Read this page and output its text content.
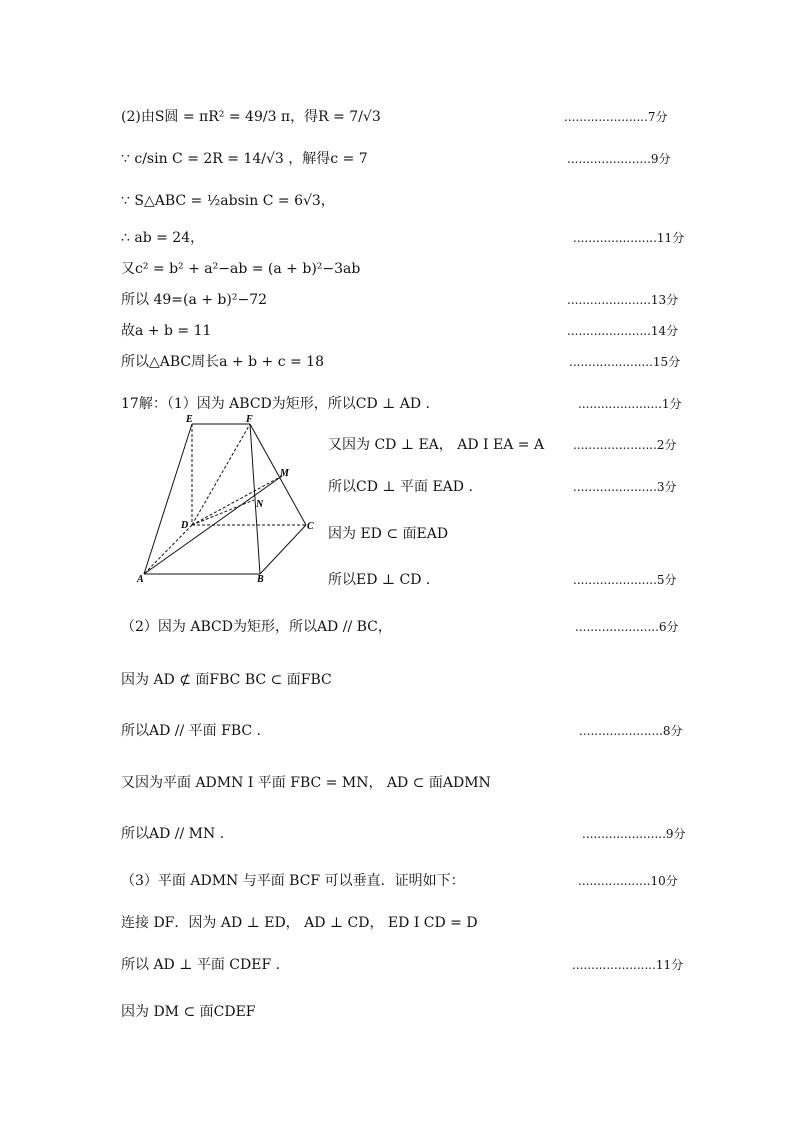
(2)由S圆 = πR² = 49/3 π，得R = 7/√3	......................7分
∵ c/sin C = 2R = 14/√3 ，解得c = 7	......................9分
∵ S△ABC = ½absin C = 6√3，
∴ ab = 24，	......................11分
又c² = b² + a²−ab = (a + b)²−3ab
所以 49=(a + b)²−72	......................13分
故a + b = 11	......................14分
所以△ABC周长a + b + c = 18	......................15分
17解：（1）因为 ABCD为矩形，所以CD ⊥ AD .	......................1分
E	F
M
N
D	C
A	B
又因为 CD ⊥ EA， AD I EA = A ......................2分
所以CD ⊥ 平面 EAD .	......................3分
因为 ED ⊂ 面EAD
所以ED ⊥ CD .	......................5分
（2）因为 ABCD为矩形，所以AD // BC，	......................6分
因为 AD ⊄ 面FBC BC ⊂ 面FBC
所以AD // 平面 FBC .	......................8分
又因为平面 ADMN I 平面 FBC = MN， AD ⊂ 面ADMN
所以AD // MN .	......................9分
（3）平面 ADMN 与平面 BCF 可以垂直．证明如下：	...................10分
连接 DF．因为 AD ⊥ ED， AD ⊥ CD， ED I CD = D
所以 AD ⊥ 平面 CDEF .	......................11分
因为 DM ⊂ 面CDEF
